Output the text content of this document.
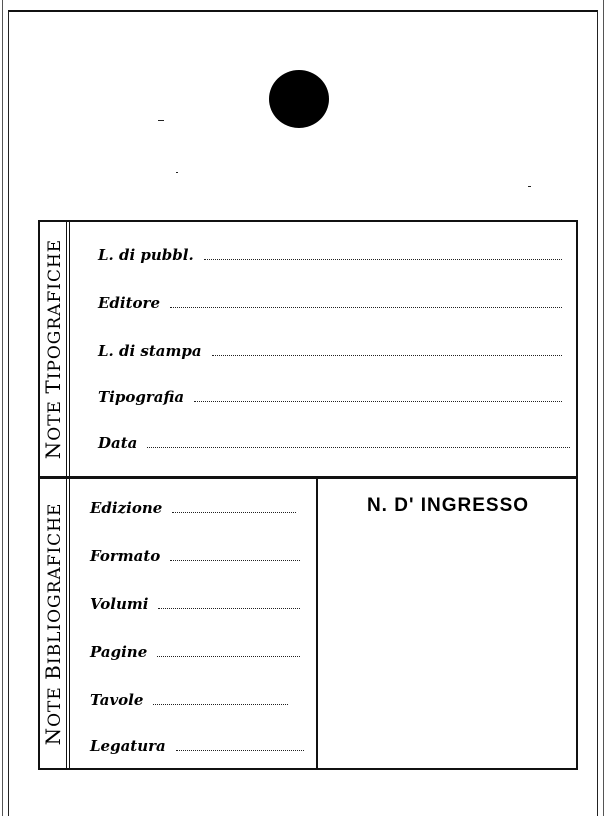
NOTE TIPOGRAFICHE L. di pubbl.
Editore
L. di stampa
Tipografia
Data
NOTE BIBLIOGRAFICHE Edizione
Formato
Volumi
Pagine
Tavole
Legatura
N. D' INGRESSO
